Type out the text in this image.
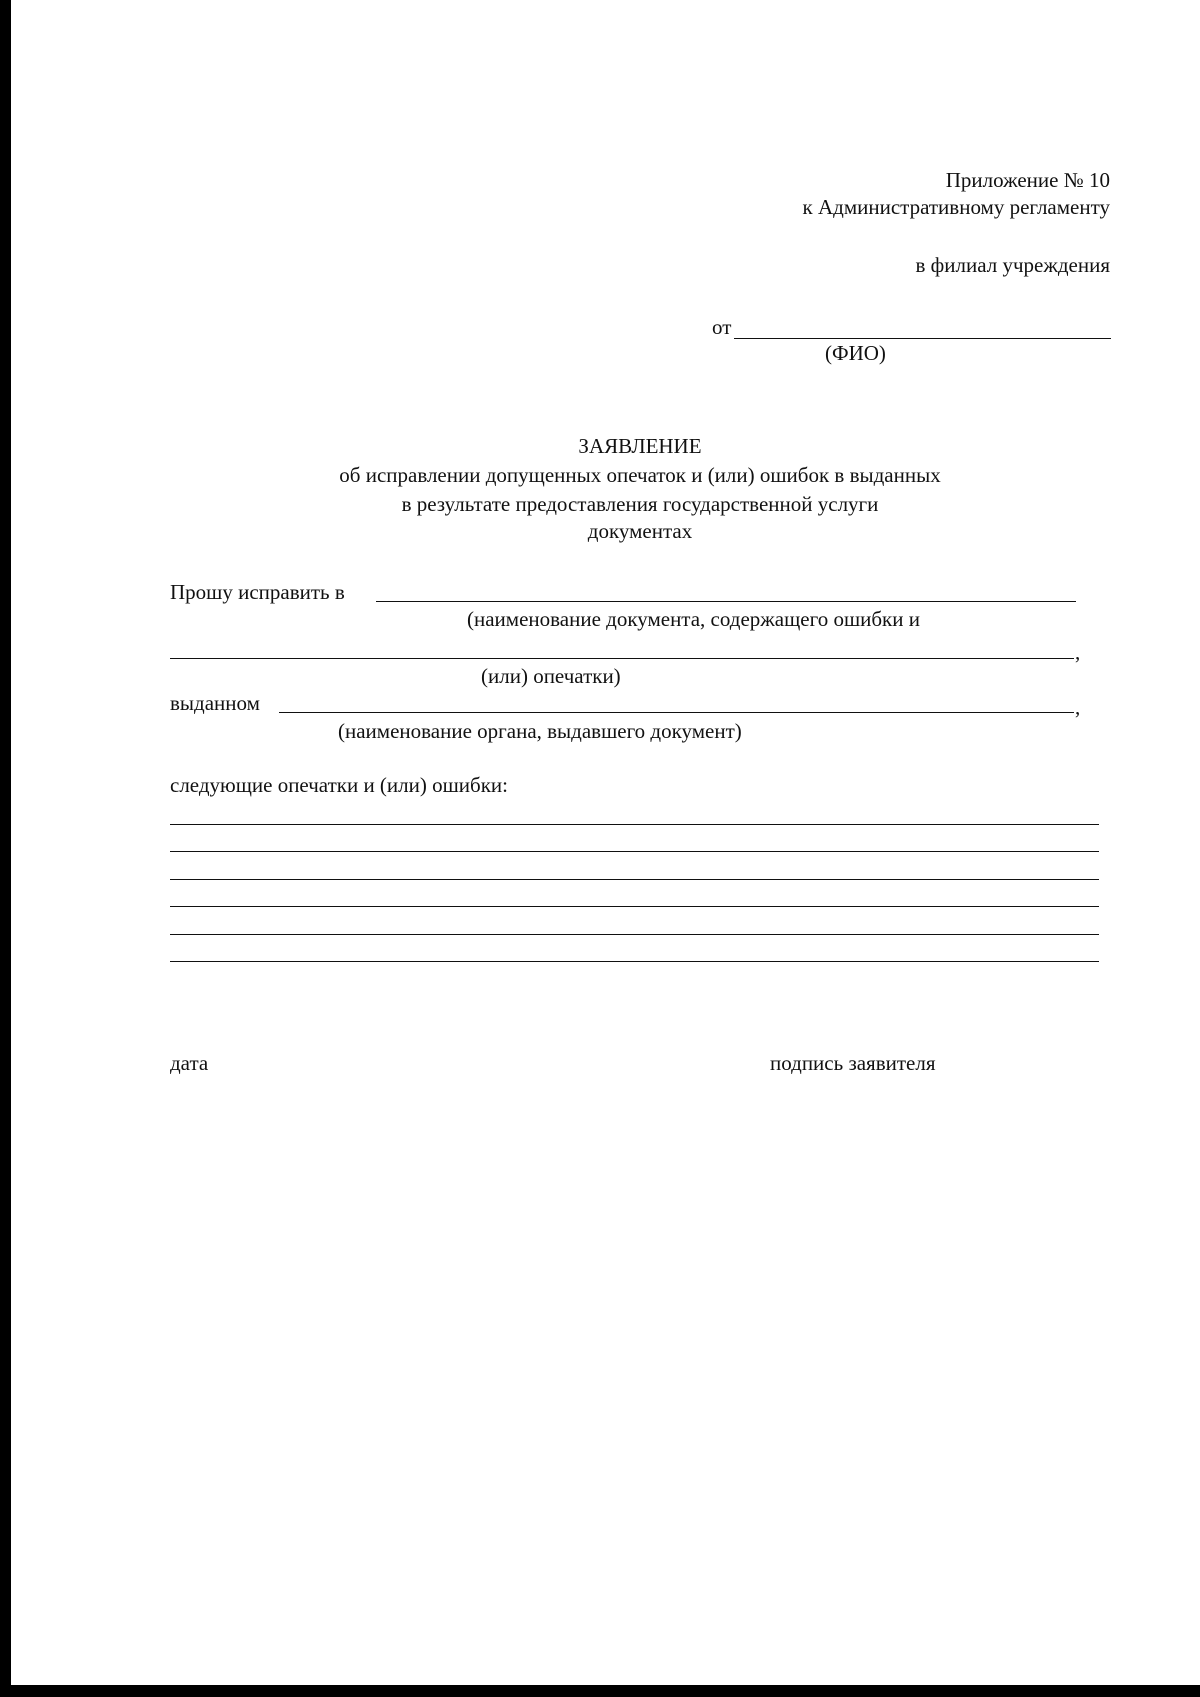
Приложение № 10
к Административному регламенту
в филиал учреждения
от
(ФИО)
ЗАЯВЛЕНИЕ
об исправлении допущенных опечаток и (или) ошибок в выданных
в результате предоставления государственной услуги
документах
Прошу исправить в
(наименование документа, содержащего ошибки и
,
(или) опечатки)
выданном	,
(наименование органа, выдавшего документ)
следующие опечатки и (или) ошибки:
дата	подпись заявителя
